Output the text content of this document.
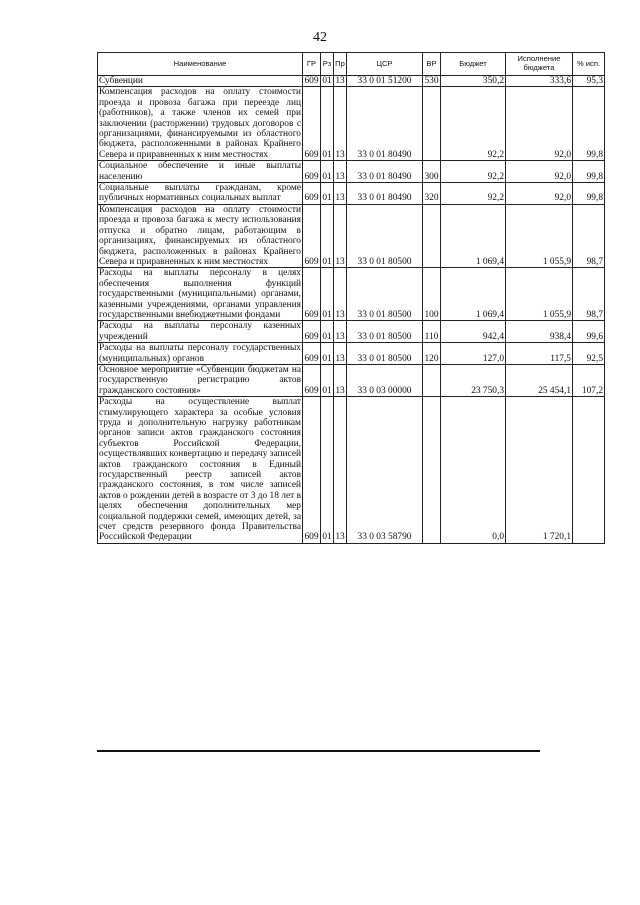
42
Наименование	ГР	Рз	Пр	ЦСР	ВР	Бюджет	Исполнение бюджета	% исп.
Субвенции	609	01	13	33 0 01 51200	530	350,2	333,6	95,3
Компенсация расходов на оплату стоимости проезда и провоза багажа при переезде лиц (работников), а также членов их семей при заключении (расторжении) трудовых договоров с организациями, финансируемыми из областного бюджета, расположенными в районах Крайнего Севера и приравненных к ним местностях	609	01	13	33 0 01 80490		92,2	92,0	99,8
Социальное обеспечение и иные выплаты населению	609	01	13	33 0 01 80490	300	92,2	92,0	99,8
Социальные выплаты гражданам, кроме публичных нормативных социальных выплат	609	01	13	33 0 01 80490	320	92,2	92,0	99,8
Компенсация расходов на оплату стоимости проезда и провоза багажа к месту использования отпуска и обратно лицам, работающим в организациях, финансируемых из областного бюджета, расположенных в районах Крайнего Севера и приравненных к ним местностях	609	01	13	33 0 01 80500		1 069,4	1 055,9	98,7
Расходы на выплаты персоналу в целях обеспечения выполнения функций государственными (муниципальными) органами, казенными учреждениями, органами управления государственными внебюджетными фондами	609	01	13	33 0 01 80500	100	1 069,4	1 055,9	98,7
Расходы на выплаты персоналу казенных учреждений	609	01	13	33 0 01 80500	110	942,4	938,4	99,6
Расходы на выплаты персоналу государственных (муниципальных) органов	609	01	13	33 0 01 80500	120	127,0	117,5	92,5
Основное мероприятие «Субвенции бюджетам на государственную регистрацию актов гражданского состояния»	609	01	13	33 0 03 00000		23 750,3	25 454,1	107,2
Расходы на осуществление выплат стимулирующего характера за особые условия труда и дополнительную нагрузку работникам органов записи актов гражданского состояния субъектов Российской Федерации, осуществлявших конвертацию и передачу записей актов гражданского состояния в Единый государственный реестр записей актов гражданского состояния, в том числе записей актов о рождении детей в возрасте от 3 до 18 лет в целях обеспечения дополнительных мер социальной поддержки семей, имеющих детей, за счет средств резервного фонда Правительства Российской Федерации	609	01	13	33 0 03 58790		0,0	1 720,1	
